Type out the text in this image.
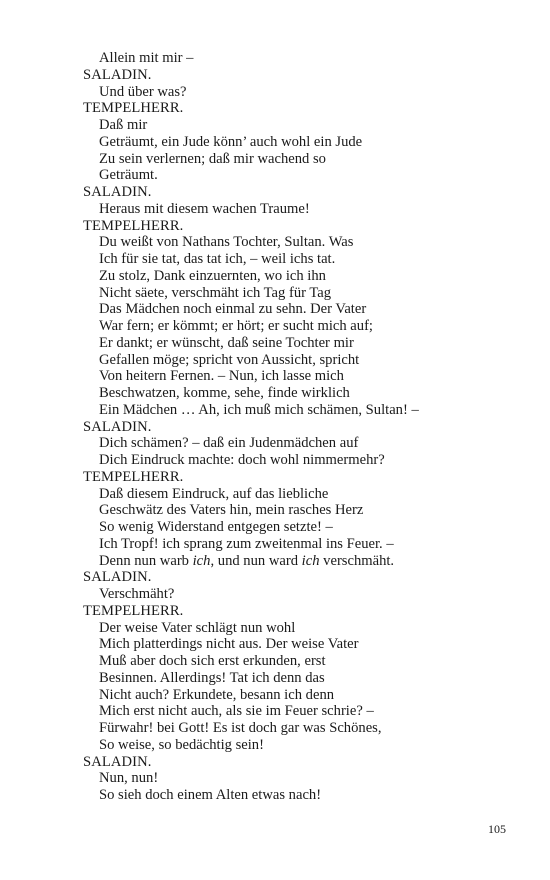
Allein mit mir –
SALADIN.
Und über was?
TEMPELHERR.
Daß mir
Geträumt, ein Jude könn’ auch wohl ein Jude
Zu sein verlernen; daß mir wachend so
Geträumt.
SALADIN.
Heraus mit diesem wachen Traume!
TEMPELHERR.
Du weißt von Nathans Tochter, Sultan. Was
Ich für sie tat, das tat ich, – weil ichs tat.
Zu stolz, Dank einzuernten, wo ich ihn
Nicht säete, verschmäht ich Tag für Tag
Das Mädchen noch einmal zu sehn. Der Vater
War fern; er kömmt; er hört; er sucht mich auf;
Er dankt; er wünscht, daß seine Tochter mir
Gefallen möge; spricht von Aussicht, spricht
Von heitern Fernen. – Nun, ich lasse mich
Beschwatzen, komme, sehe, finde wirklich
Ein Mädchen … Ah, ich muß mich schämen, Sultan! –
SALADIN.
Dich schämen? – daß ein Judenmädchen auf
Dich Eindruck machte: doch wohl nimmermehr?
TEMPELHERR.
Daß diesem Eindruck, auf das liebliche
Geschwätz des Vaters hin, mein rasches Herz
So wenig Widerstand entgegen setzte! –
Ich Tropf! ich sprang zum zweitenmal ins Feuer. –
Denn nun warb ich, und nun ward ich verschmäht.
SALADIN.
Verschmäht?
TEMPELHERR.
Der weise Vater schlägt nun wohl
Mich platterdings nicht aus. Der weise Vater
Muß aber doch sich erst erkunden, erst
Besinnen. Allerdings! Tat ich denn das
Nicht auch? Erkundete, besann ich denn
Mich erst nicht auch, als sie im Feuer schrie? –
Fürwahr! bei Gott! Es ist doch gar was Schönes,
So weise, so bedächtig sein!
SALADIN.
Nun, nun!
So sieh doch einem Alten etwas nach!
105
